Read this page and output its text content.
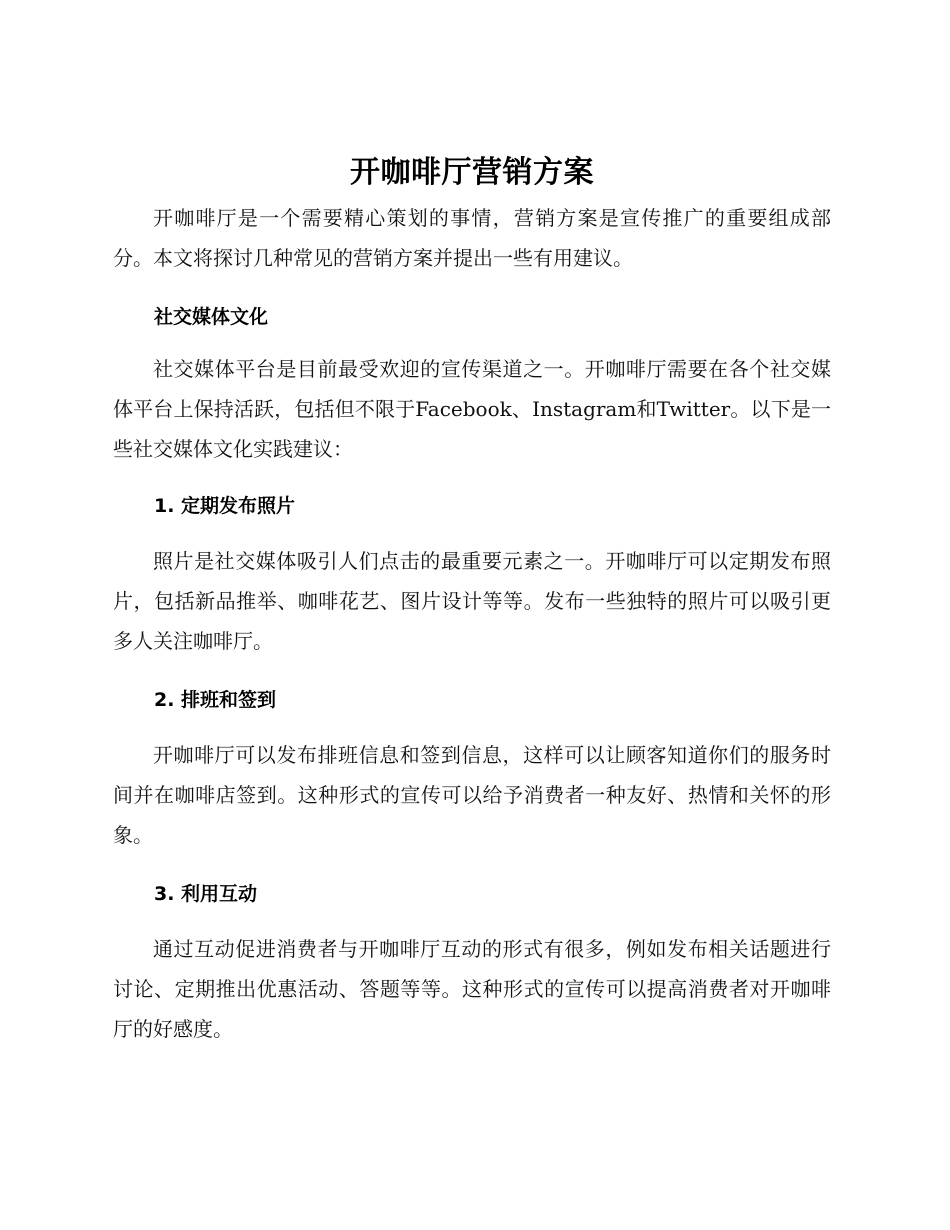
开咖啡厅营销方案

开咖啡厅是一个需要精心策划的事情，营销方案是宣传推广的重要组成部分。本文将探讨几种常见的营销方案并提出一些有用建议。

社交媒体文化

社交媒体平台是目前最受欢迎的宣传渠道之一。开咖啡厅需要在各个社交媒体平台上保持活跃，包括但不限于Facebook、Instagram和Twitter。以下是一些社交媒体文化实践建议：

1. 定期发布照片

照片是社交媒体吸引人们点击的最重要元素之一。开咖啡厅可以定期发布照片，包括新品推举、咖啡花艺、图片设计等等。发布一些独特的照片可以吸引更多人关注咖啡厅。

2. 排班和签到

开咖啡厅可以发布排班信息和签到信息，这样可以让顾客知道你们的服务时间并在咖啡店签到。这种形式的宣传可以给予消费者一种友好、热情和关怀的形象。

3. 利用互动

通过互动促进消费者与开咖啡厅互动的形式有很多，例如发布相关话题进行讨论、定期推出优惠活动、答题等等。这种形式的宣传可以提高消费者对开咖啡厅的好感度。
